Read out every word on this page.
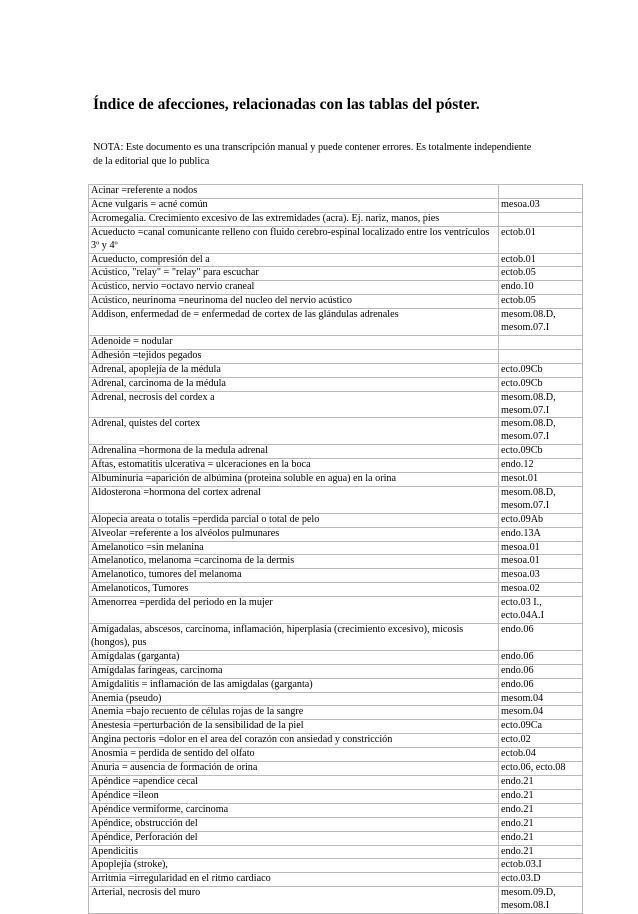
Índice de afecciones, relacionadas con las tablas del póster.

NOTA: Este documento es una transcripción manual y puede contener errores. Es totalmente independiente de la editorial que lo publica

Acinar =referente a nodos	
Acne vulgaris = acné común	mesoa.03
Acromegalia. Crecimiento excesivo de las extremidades (acra). Ej. nariz, manos, pies	
Acueducto =canal comunicante relleno con fluido cerebro-espinal localizado entre los ventrículos 3º y 4º	ectob.01
Acueducto, compresión del a	ectob.01
Acústico, "relay" = "relay" para escuchar	ectob.05
Acústico, nervio =octavo nervio craneal	endo.10
Acústico, neurinoma =neurinoma del nucleo del nervio acústico	ectob.05
Addison, enfermedad de = enfermedad de cortex de las glándulas adrenales	mesom.08.D, mesom.07.I
Adenoide = nodular	
Adhesión =tejidos pegados	
Adrenal, apoplejía de la médula	ecto.09Cb
Adrenal, carcinoma de la médula	ecto.09Cb
Adrenal, necrosis del cordex a	mesom.08.D, mesom.07.I
Adrenal, quistes del cortex	mesom.08.D, mesom.07.I
Adrenalina =hormona de la medula adrenal	ecto.09Cb
Aftas, estomatitis ulcerativa = ulceraciones en la boca	endo.12
Albuminuria =aparición de albúmina (proteina soluble en agua) en la orina	mesot.01
Aldosterona =hormona del cortex adrenal	mesom.08.D, mesom.07.I
Alopecia areata o totalis =perdida parcial o total de pelo	ecto.09Ab
Alveolar =referente a los alvéolos pulmunares	endo.13A
Amelanotico =sin melanina	mesoa.01
Amelanotico, melanoma =carcinoma de la dermis	mesoa.01
Amelanotico, tumores del melanoma	mesoa.03
Amelanoticos, Tumores	mesoa.02
Amenorrea =perdida del periodo en la mujer	ecto.03 I., ecto.04A.I
Amígadalas, abscesos, carcinoma, inflamación, hiperplasia (crecimiento excesivo), micosis (hongos), pus	endo.06
Amígdalas (garganta)	endo.06
Amígdalas faríngeas, carcinoma	endo.06
Amigdalitis = inflamación de las amigdalas (garganta)	endo.06
Anemia (pseudo)	mesom.04
Anemia =bajo recuento de células rojas de la sangre	mesom.04
Anestesia =perturbación de la sensibilidad de la piel	ecto.09Ca
Angina pectoris =dolor en el area del corazón con ansiedad y constricción	ecto.02
Anosmia = perdida de sentido del olfato	ectob.04
Anuria = ausencia de formación de orina	ecto.06, ecto.08
Apéndice =apendice cecal	endo.21
Apéndice =ileon	endo.21
Apéndice vermiforme, carcinoma	endo.21
Apéndice, obstrucción del	endo.21
Apéndice, Perforación del	endo.21
Apendicitis	endo.21
Apoplejía (stroke),	ectob.03.I
Arritmia =irregularidad en el ritmo cardiaco	ecto.03.D
Arterial, necrosis del muro	mesom.09.D, mesom.08.I
